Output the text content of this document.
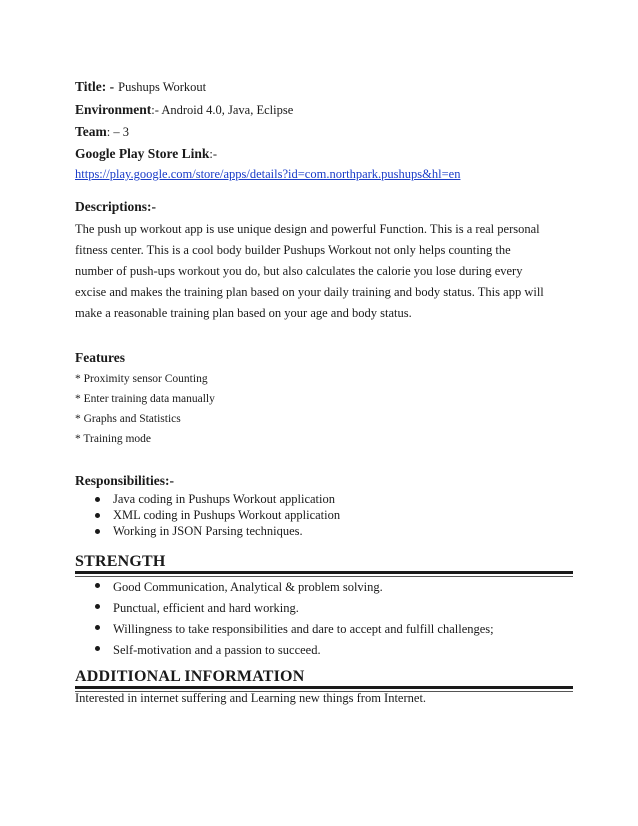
Title: - Pushups Workout
Environment:- Android 4.0, Java, Eclipse
Team: – 3
Google Play Store Link:-
https://play.google.com/store/apps/details?id=com.northpark.pushups&hl=en
Descriptions:-
The push up workout app is use unique design and powerful Function. This is a real personal
fitness center. This is a cool body builder Pushups Workout not only helps counting the
number of push-ups workout you do, but also calculates the calorie you lose during every
excise and makes the training plan based on your daily training and body status. This app will
make a reasonable training plan based on your age and body status.
Features
* Proximity sensor Counting
* Enter training data manually
* Graphs and Statistics
* Training mode
Responsibilities:-
Java coding in Pushups Workout application
XML coding in Pushups Workout application
Working in JSON Parsing techniques.
STRENGTH
Good Communication, Analytical & problem solving.
Punctual, efficient and hard working.
Willingness to take responsibilities and dare to accept and fulfill challenges;
Self-motivation and a passion to succeed.
ADDITIONAL INFORMATION
Interested in internet suffering and Learning new things from Internet.
